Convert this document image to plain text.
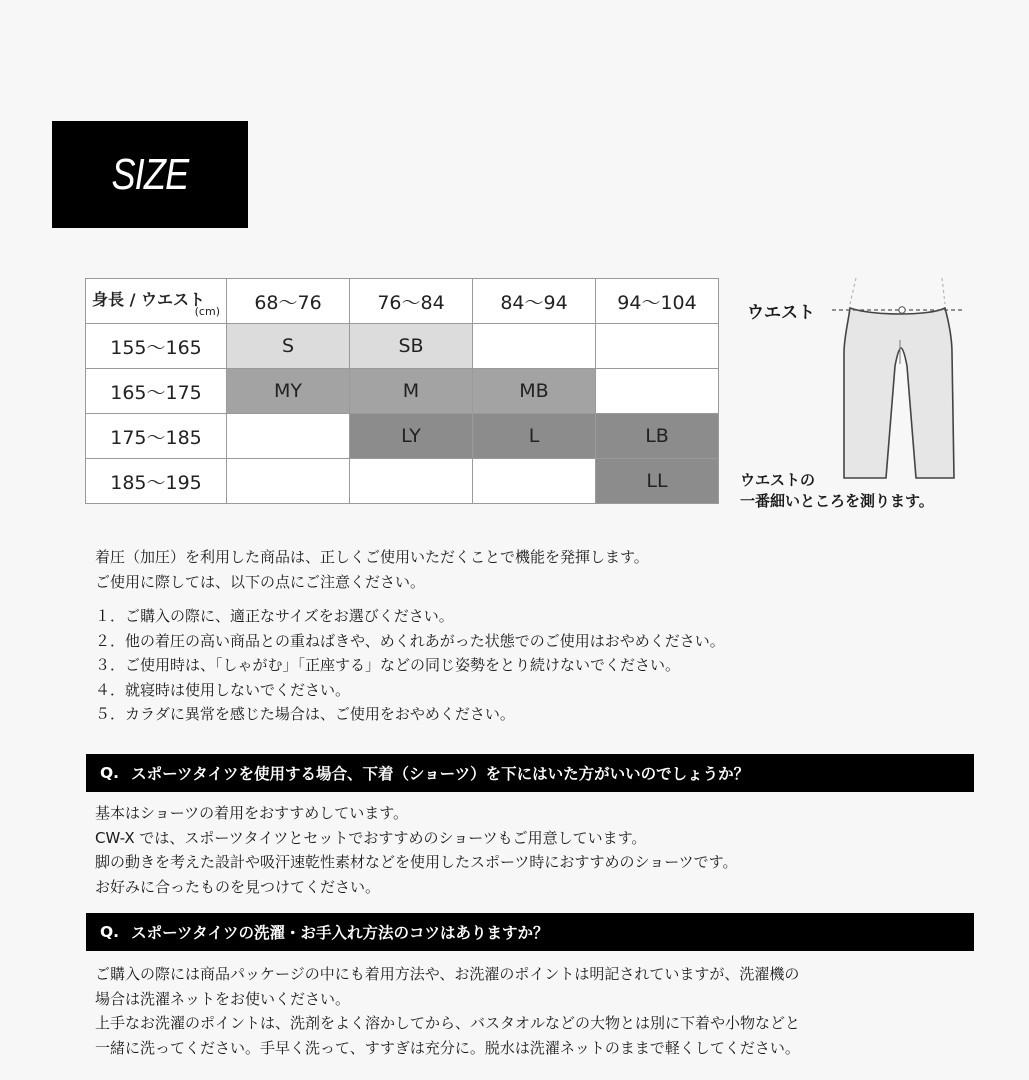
SIZE
身長 / ウエスト
(cm)	68〜76	76〜84	84〜94	94〜104
155〜165	S	SB		
165〜175	MY	M	MB	
175〜185		LY	L	LB
185〜195				LL
ウエスト
ウエストの
一番細いところを測ります。
着圧（加圧）を利用した商品は、正しくご使用いただくことで機能を発揮します。
ご使用に際しては、以下の点にご注意ください。
１．ご購入の際に、適正なサイズをお選びください。
２．他の着圧の高い商品との重ねばきや、めくれあがった状態でのご使用はおやめください。
３．ご使用時は、「しゃがむ」「正座する」などの同じ姿勢をとり続けないでください。
４．就寝時は使用しないでください。
５．カラダに異常を感じた場合は、ご使用をおやめください。
Q. スポーツタイツを使用する場合、下着（ショーツ）を下にはいた方がいいのでしょうか？
基本はショーツの着用をおすすめしています。
CW-X では、スポーツタイツとセットでおすすめのショーツもご用意しています。
脚の動きを考えた設計や吸汗速乾性素材などを使用したスポーツ時におすすめのショーツです。
お好みに合ったものを見つけてください。
Q. スポーツタイツの洗濯・お手入れ方法のコツはありますか？
ご購入の際には商品パッケージの中にも着用方法や、お洗濯のポイントは明記されていますが、洗濯機の
場合は洗濯ネットをお使いください。
上手なお洗濯のポイントは、洗剤をよく溶かしてから、バスタオルなどの大物とは別に下着や小物などと
一緒に洗ってください。手早く洗って、すすぎは充分に。脱水は洗濯ネットのままで軽くしてください。
